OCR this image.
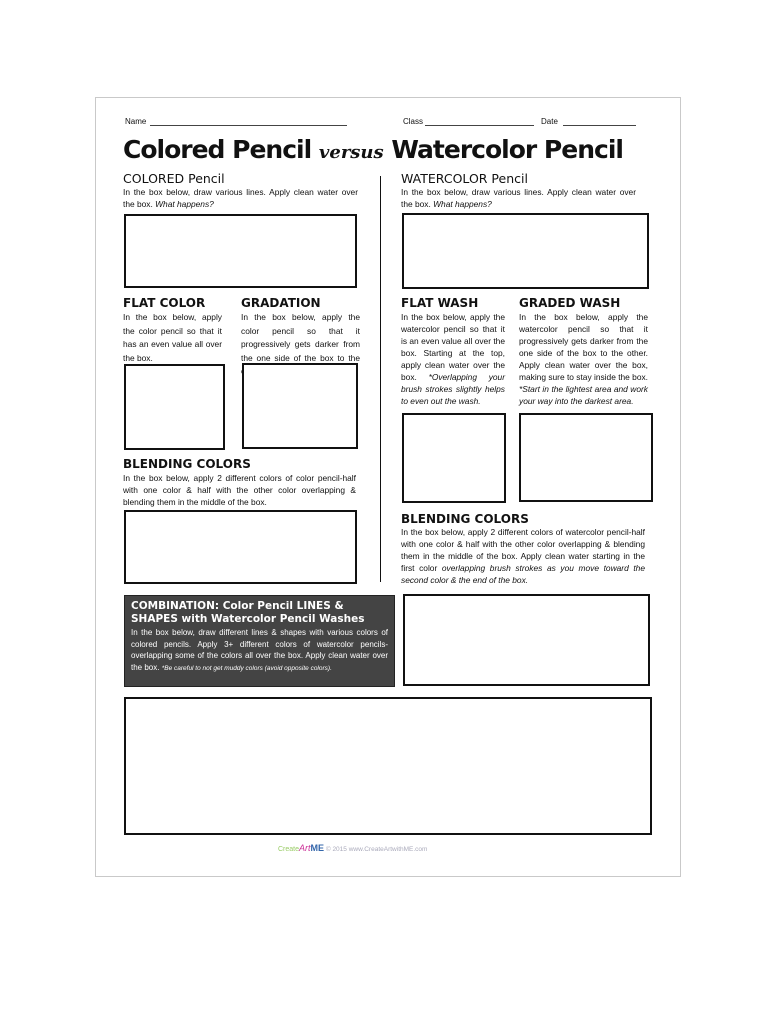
Name	Class	Date
Colored Pencil versus Watercolor Pencil
COLORED Pencil
In the box below, draw various lines. Apply clean water over the box. What happens?
FLAT COLOR
In the box below, apply the color pencil so that it has an even value all over the box.
GRADATION
In the box below, apply the color pencil so that it progressively gets darker from the one side of the box to the
BLENDING COLORS
In the box below, apply 2 different colors of color pencil-half with one color & half with the other color overlapping & blending them in the middle of the box.
WATERCOLOR Pencil
In the box below, draw various lines. Apply clean water over the box. What happens?
FLAT WASH
In the box below, apply the watercolor pencil so that it is an even value all over the box. Starting at the top, apply clean water over the box. *Overlapping your brush strokes slightly helps to even out the wash.
GRADED WASH
In the box below, apply the watercolor pencil so that it progressively gets darker from the one side of the box to the other. Apply clean water over the box, making sure to stay inside the box. *Start in the lightest area and work your way into the darkest area.
BLENDING COLORS
In the box below, apply 2 different colors of watercolor pencil-half with one color & half with the other color overlapping & blending them in the middle of the box. Apply clean water starting in the first color overlapping brush strokes as you move toward the second color & the end of the box.
COMBINATION: Color Pencil LINES &
SHAPES with Watercolor Pencil Washes
In the box below, draw different lines & shapes with various colors of colored pencils. Apply 3+ different colors of watercolor pencils-overlapping some of the colors all over the box. Apply clean water over the box. *Be careful to not get muddy colors (avoid opposite colors).
CreateArtME © 2015 www.CreateArtwithME.com
